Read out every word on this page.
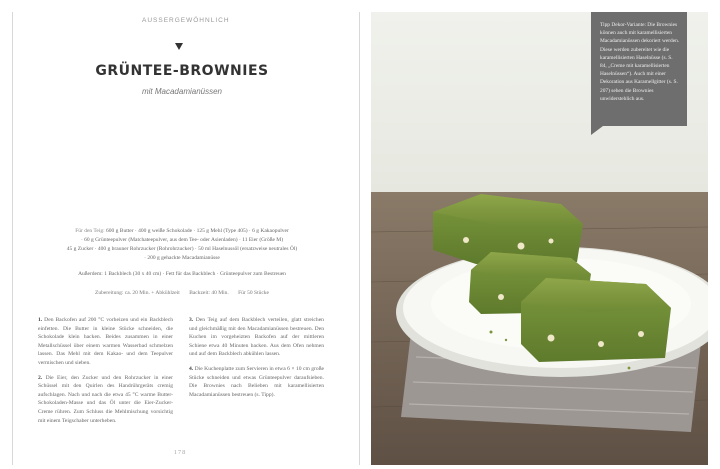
AUSSERGEWÖHNLICH
GRÜNTEE-BROWNIES
mit Macadamianüssen
Für den Teig: 600 g Butter · 400 g weiße Schokolade · 125 g Mehl (Type 405) · 6 g Kakaopulver
· 60 g Grünteepulver (Matchateepulver, aus dem Tee- oder Asienladen) · 11 Eier (Größe M)
45 g Zucker · 400 g brauner Rohrzucker (Rohrohrzucker) · 50 ml Haselnussöl (ersatzweise neutrales Öl)
· 200 g gehackte Macadamianüsse
Außerdem: 1 Backblech (30 x 40 cm) · Fett für das Backblech · Grünteepulver zum Bestreuen
Zubereitung: ca. 20 Min. + Abkühlzeit Backzeit: 40 Min. Für 50 Stücke

1. Den Backofen auf 200 °C vorheizen und ein Backblech einfetten. Die Butter in kleine Stücke schneiden, die Schokolade klein hacken. Beides zusammen in einer Metallschüssel über einem warmen Wasserbad schmelzen lassen. Das Mehl mit dem Kakao- und dem Teepulver vermischen und sieben.

2. Die Eier, den Zucker und den Rohrzucker in einer Schüssel mit den Quirlen des Handrührgeräts cremig aufschlagen. Nach und nach die etwa 45 °C warme Butter-Schokoladen-Masse und das Öl unter die Eier-Zucker-Creme rühren. Zum Schluss die Mehlmischung vorsichtig mit einem Teigschaber unterheben.

3. Den Teig auf dem Backblech verteilen, glatt streichen und gleichmäßig mit den Macadamianüssen bestreuen. Den Kuchen im vorgeheizten Backofen auf der mittleren Schiene etwa 40 Minuten backen. Aus dem Ofen nehmen und auf dem Backblech abkühlen lassen.

4. Die Kuchenplatte zum Servieren in etwa 6 × 10 cm große Stücke schneiden und etwas Grünteepulver daraufsieben. Die Brownies nach Belieben mit karamellisierten Macadamianüssen bestreuen (s. Tipp).

178
Tipp Dekor-Variante: Die Brownies können auch mit karamellisierten Macadamianüssen dekoriert werden. Diese werden zubereitet wie die karamellisierten Haselnüsse (s. S. 84, „Creme mit karamellisierten Haselnüssen“). Auch mit einer Dekoration aus Karamellgitter (s. S. 207) sehen die Brownies unwiderstehlich aus.
